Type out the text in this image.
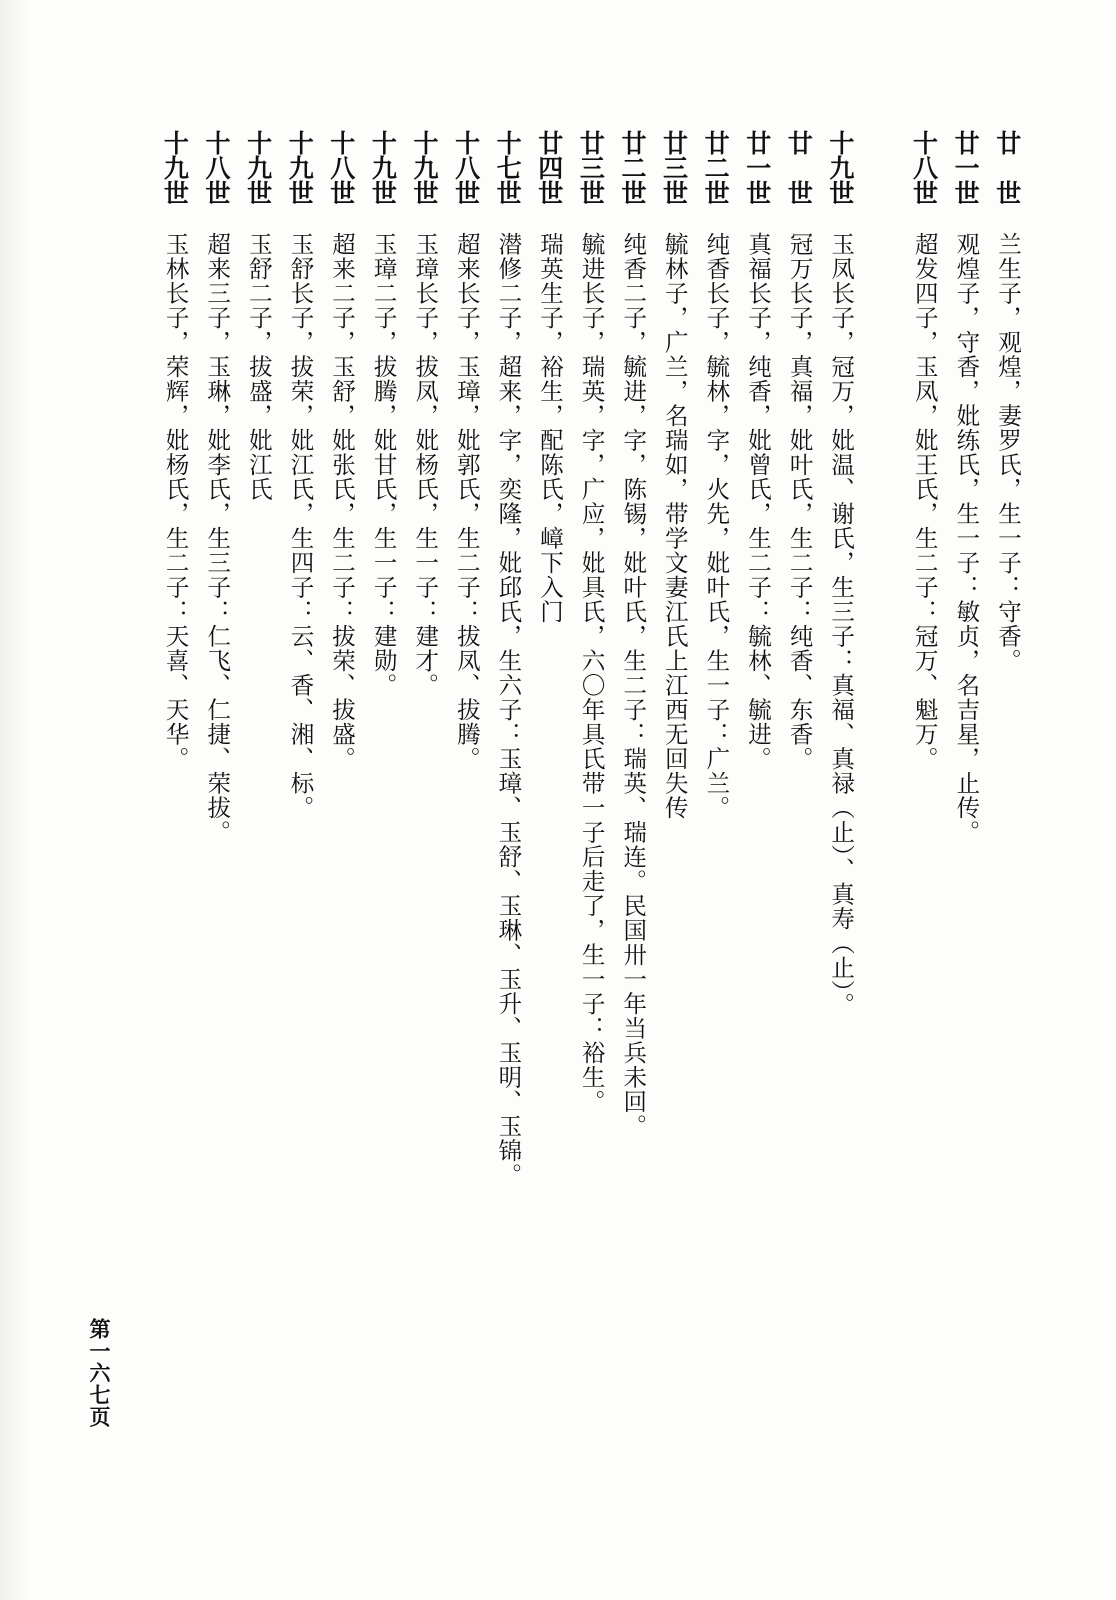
廿　世
兰生子，观煌，妻罗氏，生一子：守香。
廿一世
观煌子，守香，妣练氏，生一子：敏贞，名吉星，止传。
十八世
超发四子，玉凤，妣王氏，生二子：冠万、魁万。
十九世
玉凤长子，冠万，妣温、谢氏，生三子：真福、真禄（止）、真寿（止）。
廿　世
冠万长子，真福，妣叶氏，生二子：纯香、东香。
廿一世
真福长子，纯香，妣曾氏，生二子：毓林、毓进。
廿二世
纯香长子，毓林，字，火先，妣叶氏，生一子：广兰。
廿三世
毓林子，广兰，名瑞如，带学文妻江氏上江西无回失传
廿二世
纯香二子，毓进，字，陈锡，妣叶氏，生二子：瑞英、瑞连。民国卅一年当兵未回。
廿三世
毓进长子，瑞英，字，广应，妣具氏，六〇年具氏带一子后走了，生一子：裕生。
廿四世
瑞英生子，裕生，配陈氏，嶂下入门
十七世
潜修二子，超来，字，奕隆，妣邱氏，生六子：玉璋、玉舒、玉琳、玉升、玉明、玉锦。
十八世
超来长子，玉璋，妣郭氏，生二子：拔凤、拔腾。
十九世
玉璋长子，拔凤，妣杨氏，生一子：建才。
十九世
玉璋二子，拔腾，妣甘氏，生一子：建勋。
十八世
超来二子，玉舒，妣张氏，生二子：拔荣、拔盛。
十九世
玉舒长子，拔荣，妣江氏，生四子：云、香、湘、标。
十九世
玉舒二子，拔盛，妣江氏
十八世
超来三子，玉琳，妣李氏，生三子：仁飞、仁捷、荣拔。
十九世
玉林长子，荣辉，妣杨氏，生二子：天喜、天华。
第一六七页
